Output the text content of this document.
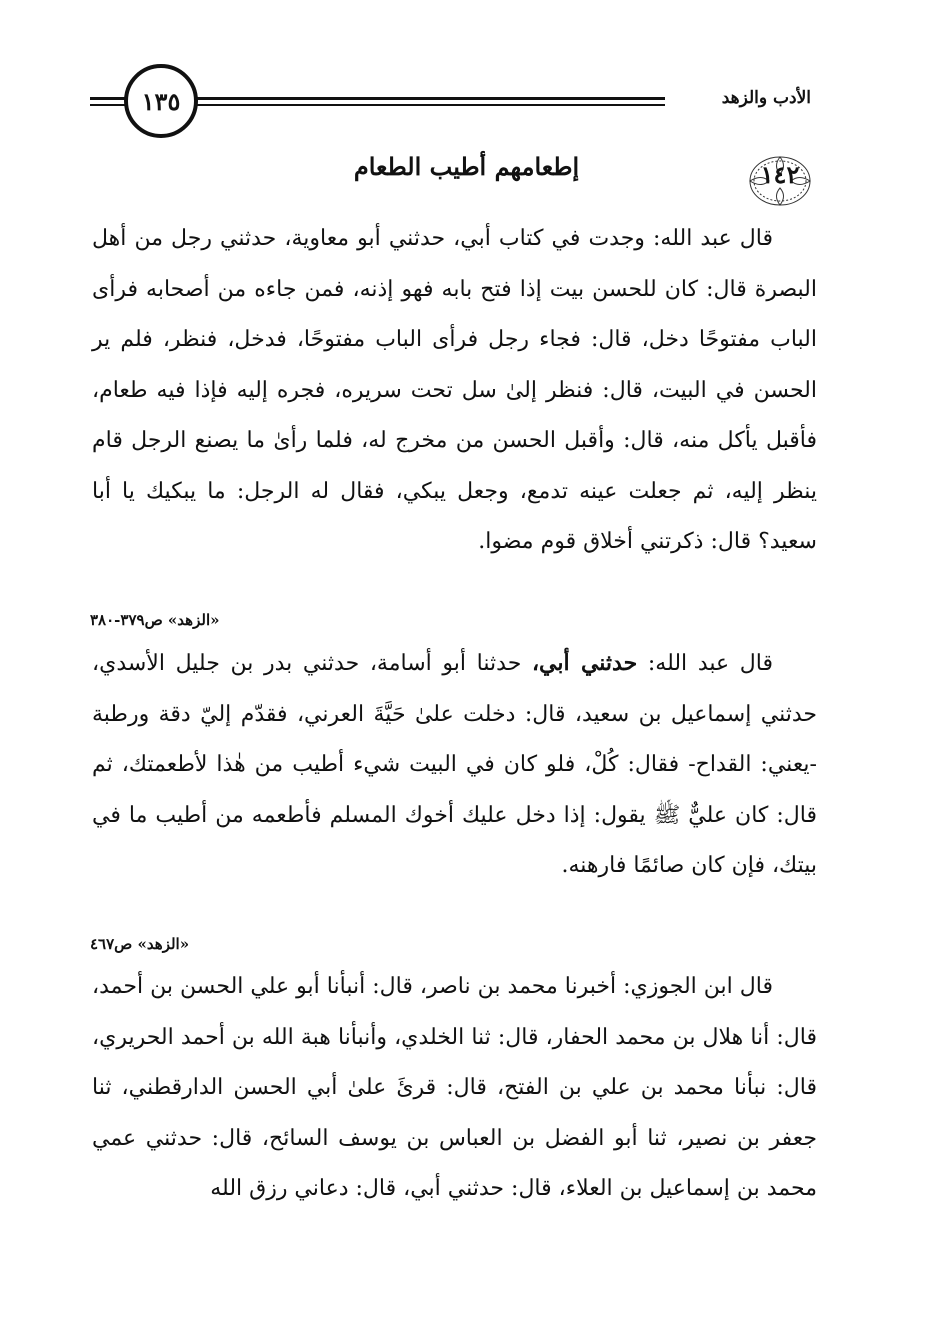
الأدب والزهد
١٣٥
١٤٢
إطعامهم أطيب الطعام
قال عبد الله: وجدت في كتاب أبي، حدثني أبو معاوية، حدثني رجل من أهل البصرة قال: كان للحسن بيت إذا فتح بابه فهو إذنه، فمن جاءه من أصحابه فرأى الباب مفتوحًا دخل، قال: فجاء رجل فرأى الباب مفتوحًا، فدخل، فنظر، فلم ير الحسن في البيت، قال: فنظر إلىٰ سل تحت سريره، فجره إليه فإذا فيه طعام، فأقبل يأكل منه، قال: وأقبل الحسن من مخرج له، فلما رأىٰ ما يصنع الرجل قام ينظر إليه، ثم جعلت عينه تدمع، وجعل يبكي، فقال له الرجل: ما يبكيك يا أبا سعيد؟ قال: ذكرتني أخلاق قوم مضوا.
«الزهد» ص٣٧٩-٣٨٠
قال عبد الله: حدثني أبي، حدثنا أبو أسامة، حدثني بدر بن جليل الأسدي، حدثني إسماعيل بن سعيد، قال: دخلت علىٰ حَيَّةَ العرني، فقدّم إليّ دقة ورطبة -يعني: القداح- فقال: كُلْ، فلو كان في البيت شيء أطيب من هٰذا لأطعمتك، ثم قال: كان عليٌّ ﷺ يقول: إذا دخل عليك أخوك المسلم فأطعمه من أطيب ما في بيتك، فإن كان صائمًا فارهنه.
«الزهد» ص٤٦٧
قال ابن الجوزي: أخبرنا محمد بن ناصر، قال: أنبأنا أبو علي الحسن بن أحمد، قال: أنا هلال بن محمد الحفار، قال: ثنا الخلدي، وأنبأنا هبة الله بن أحمد الحريري، قال: نبأنا محمد بن علي بن الفتح، قال: قرئَ علىٰ أبي الحسن الدارقطني، ثنا جعفر بن نصير، ثنا أبو الفضل بن العباس بن يوسف السائح، قال: حدثني عمي محمد بن إسماعيل بن العلاء، قال: حدثني أبي، قال: دعاني رزق الله
